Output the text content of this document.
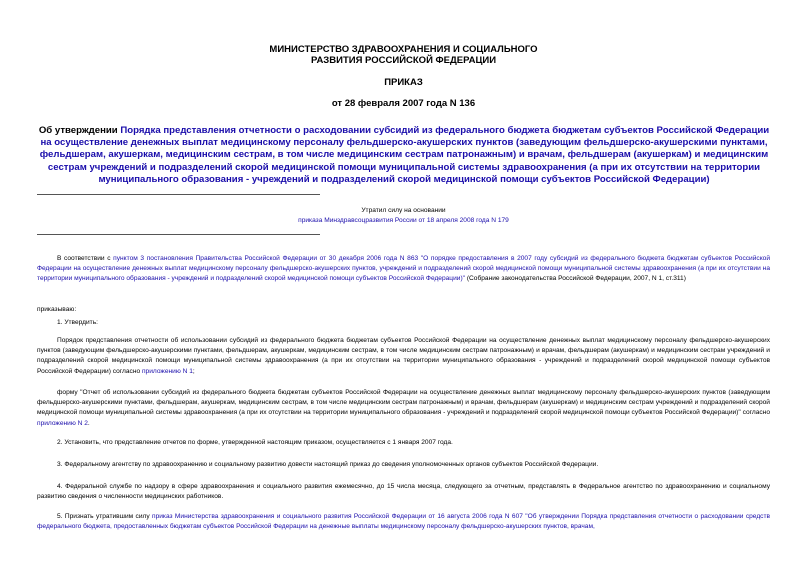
МИНИСТЕРСТВО ЗДРАВООХРАНЕНИЯ И СОЦИАЛЬНОГО
РАЗВИТИЯ РОССИЙСКОЙ ФЕДЕРАЦИИ
ПРИКАЗ
от 28 февраля 2007 года N 136
Об утверждении Порядка представления отчетности о расходовании субсидий из федерального бюджета бюджетам субъектов Российской Федерации на осуществление денежных выплат медицинскому персоналу фельдшерско-акушерских пунктов (заведующим фельдшерско-акушерскими пунктами, фельдшерам, акушеркам, медицинским сестрам, в том числе медицинским сестрам патронажным) и врачам, фельдшерам (акушеркам) и медицинским сестрам учреждений и подразделений скорой медицинской помощи муниципальной системы здравоохранения (а при их отсутствии на территории муниципального образования - учреждений и подразделений скорой медицинской помощи субъектов Российской Федерации)
Утратил силу на основании
приказа Минздравсоцразвития России от 18 апреля 2008 года N 179
В соответствии с пунктом 3 постановления Правительства Российской Федерации от 30 декабря 2006 года N 863 "О порядке предоставления в 2007 году субсидий из федерального бюджета бюджетам субъектов Российской Федерации на осуществление денежных выплат медицинскому персоналу фельдшерско-акушерских пунктов, учреждений и подразделений скорой медицинской помощи муниципальной системы здравоохранения (а при их отсутствии на территории муниципального образования - учреждений и подразделений скорой медицинской помощи субъектов Российской Федерации)" (Собрание законодательства Российской Федерации, 2007, N 1, ст.311)
приказываю:
1. Утвердить:
Порядок представления отчетности об использовании субсидий из федерального бюджета бюджетам субъектов Российской Федерации на осуществление денежных выплат медицинскому персоналу фельдшерско-акушерских пунктов (заведующим фельдшерско-акушерскими пунктами, фельдшерам, акушеркам, медицинским сестрам, в том числе медицинским сестрам патронажным) и врачам, фельдшерам (акушеркам) и медицинским сестрам учреждений и подразделений скорой медицинской помощи муниципальной системы здравоохранения (а при их отсутствии на территории муниципального образования - учреждений и подразделений скорой медицинской помощи субъектов Российской Федерации) согласно приложению N 1;
форму "Отчет об использовании субсидий из федерального бюджета бюджетам субъектов Российской Федерации на осуществление денежных выплат медицинскому персоналу фельдшерско-акушерских пунктов (заведующим фельдшерско-акушерскими пунктами, фельдшерам, акушеркам, медицинским сестрам, в том числе медицинским сестрам патронажным) и врачам, фельдшерам (акушеркам) и медицинским сестрам учреждений и подразделений скорой медицинской помощи муниципальной системы здравоохранения (а при их отсутствии на территории муниципального образования - учреждений и подразделений скорой медицинской помощи субъектов Российской Федерации)" согласно приложению N 2.
2. Установить, что представление отчетов по форме, утвержденной настоящим приказом, осуществляется с 1 января 2007 года.
3. Федеральному агентству по здравоохранению и социальному развитию довести настоящий приказ до сведения уполномоченных органов субъектов Российской Федерации.
4. Федеральной службе по надзору в сфере здравоохранения и социального развития ежемесячно, до 15 числа месяца, следующего за отчетным, представлять в Федеральное агентство по здравоохранению и социальному развитию сведения о численности медицинских работников.
5. Признать утратившим силу приказ Министерства здравоохранения и социального развития Российской Федерации от 16 августа 2006 года N 607 "Об утверждении Порядка представления отчетности о расходовании средств федерального бюджета, предоставленных бюджетам субъектов Российской Федерации на денежные выплаты медицинскому персоналу фельдшерско-акушерских пунктов, врачам,
